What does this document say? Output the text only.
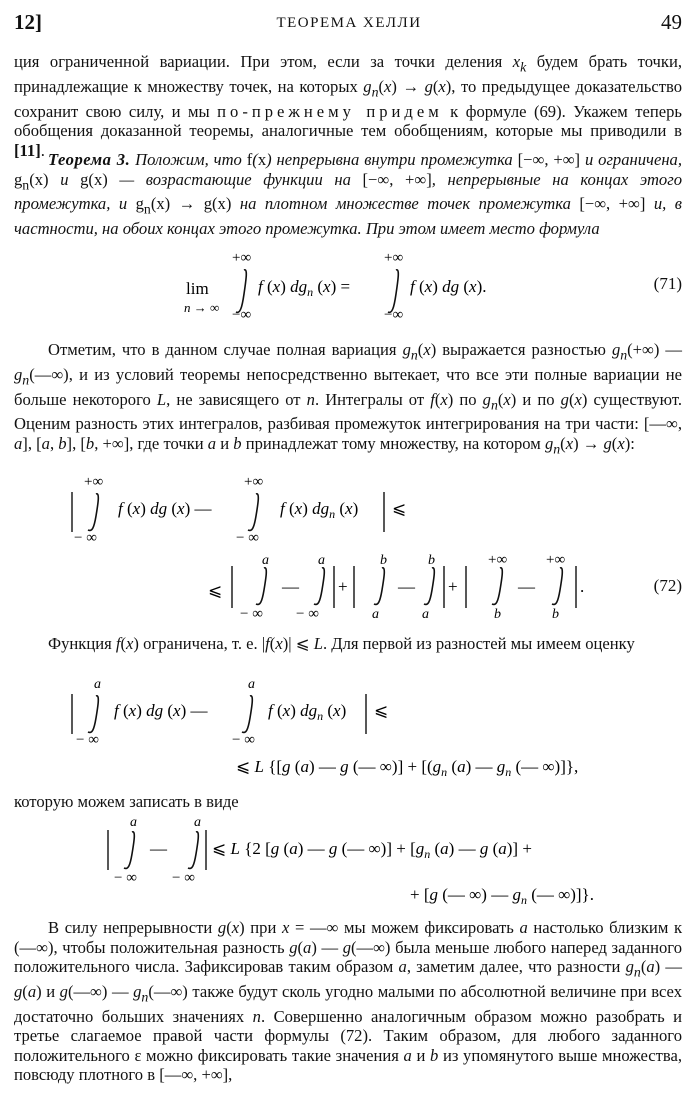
12]	ТЕОРЕМА ХЕЛЛИ	49
ция ограниченной вариации. При этом, если за точки деления $x_k$ будем брать точки, принадлежащие к множеству точек, на которых $g_n(x) \to g(x)$, то предыдущее доказательство сохранит свою силу, и мы по-прежнему придем к формуле (69). Укажем теперь обобщения доказанной теоремы, аналогичные тем обобщениям, которые мы приводили в [11]. Теорема 3. Положим, что f(x) непрерывна внутри промежутка [−∞, +∞] и ограничена, $g_n(x)$ и g(x) — возрастающие функции на [−∞, +∞], непрерывные на концах этого промежутка, и $g_n(x) \to g(x)$ на плотном множестве точек промежутка [−∞, +∞] и, в частности, на обоих концах этого промежутка. При этом имеет место формула
lim
n → ∞
+∞
−∞
f (x) $dg_n$ (x) =
+∞
−∞
f (x) dg (x).	(71)
Отметим, что в данном случае полная вариация $g_n(x)$ выражается разностью $g_n(+\infty)$ — $g_n(—\infty)$, и из условий теоремы непосредственно вытекает, что все эти полные вариации не больше некоторого L, не зависящего от n. Интегралы от f(x) по $g_n(x)$ и по g(x) существуют. Оценим разность этих интегралов, разбивая промежуток интегрирования на три части: [—∞, a], [a, b], [b, +∞], где точки a и b принадлежат тому множеству, на котором $g_n(x) \to g(x)$:
+∞
− ∞
f (x) dg (x) —
+∞
− ∞
f (x) $dg_n$ (x) ⩽
⩽
a
− ∞
—
a
− ∞
+
b
a
—
b
a
+
+∞
b
—
+∞
b
.	(72)
Функция f(x) ограничена, т. е. |f(x)| ⩽ L. Для первой из разностей мы имеем оценку
a
− ∞
f (x) dg (x) —
a
− ∞
f (x) $dg_n$ (x) ⩽
⩽ L {[g (a) — g (— ∞)] + [($g_n$ (a) — $g_n$ (— ∞)]},
которую можем записать в виде
a
− ∞
—
a
− ∞
⩽ L {2 [g (a) — g (— ∞)] + [$g_n$ (a) — g (a)] +
+ [g (— ∞) — $g_n$ (— ∞)]}.
В силу непрерывности g(x) при x = —∞ мы можем фиксировать a настолько близким к (—∞), чтобы положительная разность g(a) — g(—∞) была меньше любого наперед заданного положительного числа. Зафиксировав таким образом a, заметим далее, что разности $g_n(a)$ — g(a) и g(—∞) — $g_n(—\infty)$ также будут сколь угодно малыми по абсолютной величине при всех достаточно больших значениях n. Совершенно аналогичным образом можно разобрать и третье слагаемое правой части формулы (72). Таким образом, для любого заданного положительного ε можно фиксировать такие значения a и b из упомянутого выше множества, повсюду плотного в [—∞, +∞],
